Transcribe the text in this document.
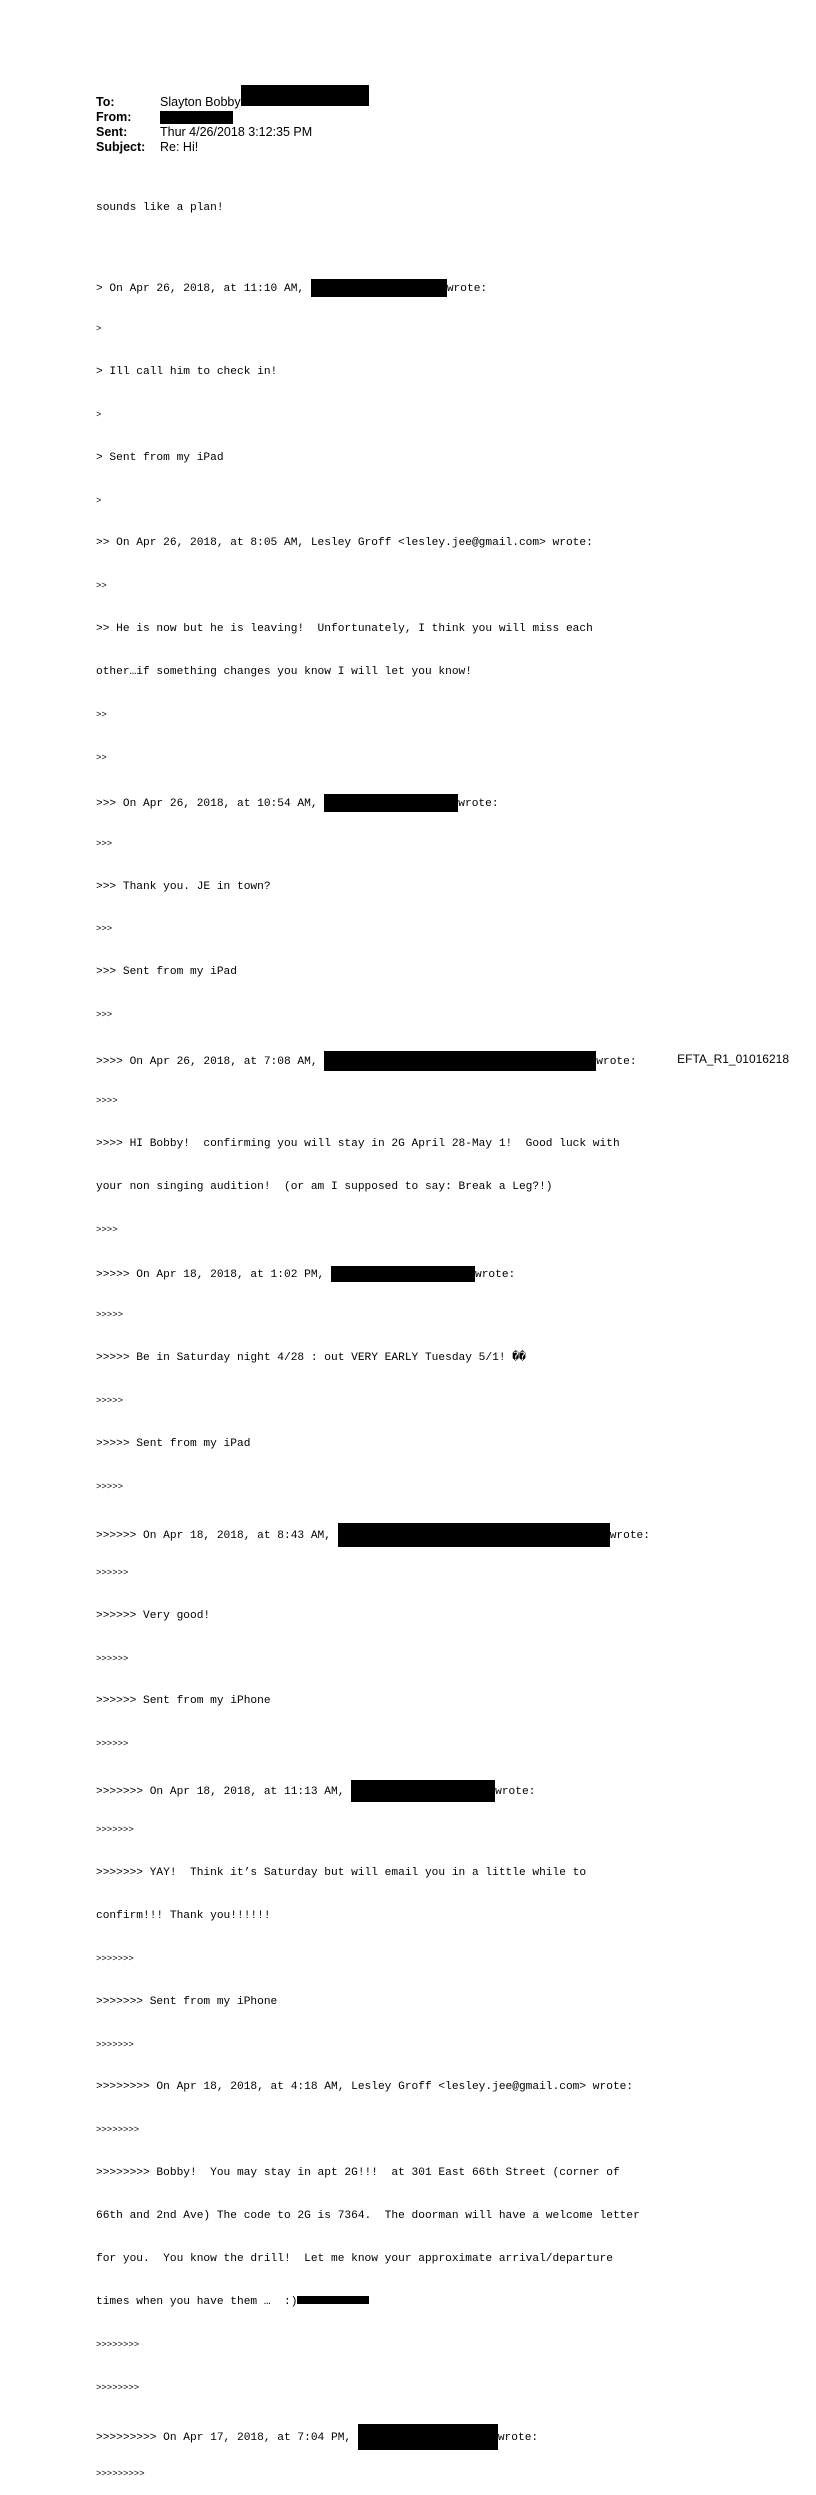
To:	Slayton Bobby
From:
Sent:	Thur 4/26/2018 3:12:35 PM
Subject: Re: Hi!

sounds like a plan!

> On Apr 26, 2018, at 11:10 AM,	wrote:

>

> Ill call him to check in!

>

> Sent from my iPad

>

>> On Apr 26, 2018, at 8:05 AM, Lesley Groff <lesley.jee@gmail.com> wrote:

>>

>> He is now but he is leaving!  Unfortunately, I think you will miss each

other…if something changes you know I will let you know!

>>

>>

>>> On Apr 26, 2018, at 10:54 AM,	wrote:

>>>

>>> Thank you. JE in town?

>>>

>>> Sent from my iPad

>>>

>>>> On Apr 26, 2018, at 7:08 AM,	wrote:

>>>>

>>>> HI Bobby!  confirming you will stay in 2G April 28-May 1!  Good luck with

your non singing audition!  (or am I supposed to say: Break a Leg?!)

>>>>

>>>>> On Apr 18, 2018, at 1:02 PM,	wrote:

>>>>>

>>>>> Be in Saturday night 4/28 : out VERY EARLY Tuesday 5/1! ��

>>>>>

>>>>> Sent from my iPad

>>>>>

>>>>>> On Apr 18, 2018, at 8:43 AM,	wrote:

>>>>>>

>>>>>> Very good!

>>>>>>

>>>>>> Sent from my iPhone

>>>>>>

>>>>>>> On Apr 18, 2018, at 11:13 AM,	wrote:

>>>>>>>

>>>>>>> YAY!  Think it’s Saturday but will email you in a little while to

confirm!!! Thank you!!!!!!

>>>>>>>

>>>>>>> Sent from my iPhone

>>>>>>>

>>>>>>>> On Apr 18, 2018, at 4:18 AM, Lesley Groff <lesley.jee@gmail.com> wrote:

>>>>>>>>

>>>>>>>> Bobby!  You may stay in apt 2G!!!  at 301 East 66th Street (corner of

66th and 2nd Ave) The code to 2G is 7364.  The doorman will have a welcome letter

for you.  You know the drill!  Let me know your approximate arrival/departure

times when you have them …  :)

>>>>>>>>

>>>>>>>>

>>>>>>>>> On Apr 17, 2018, at 7:04 PM,	wrote:

>>>>>>>>>

EFTA_R1_01016218
